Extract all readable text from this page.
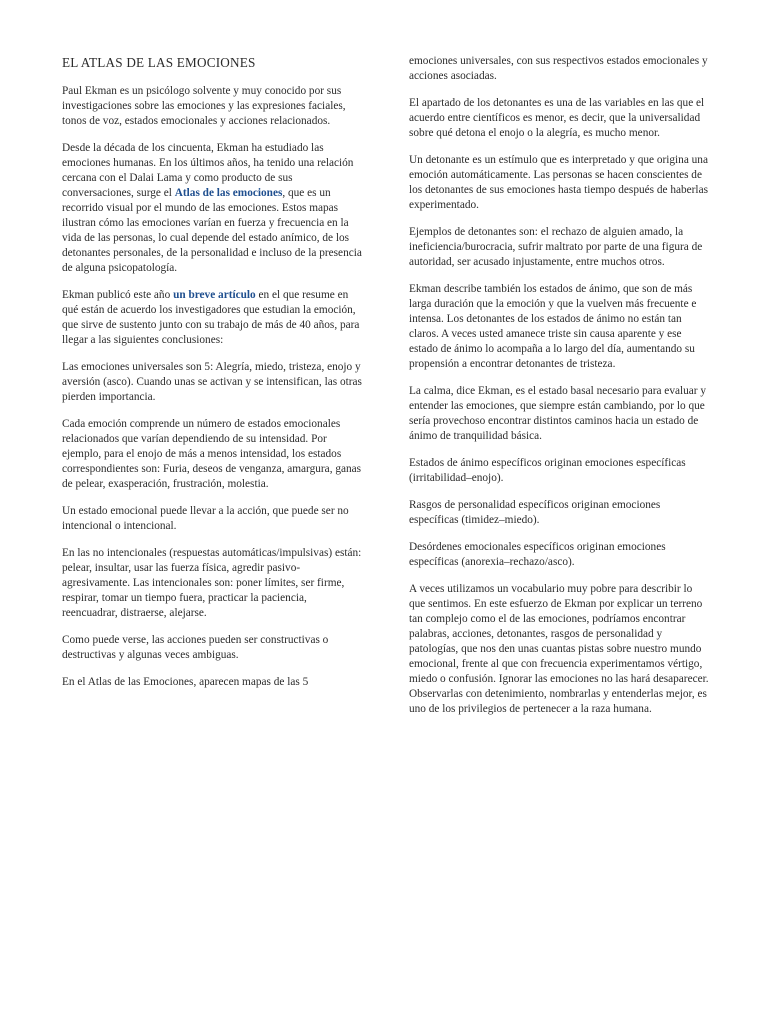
EL ATLAS DE LAS EMOCIONES

Paul Ekman es un psicólogo solvente y muy conocido por sus investigaciones sobre las emociones y las expresiones faciales, tonos de voz, estados emocionales y acciones relacionados.

Desde la década de los cincuenta, Ekman ha estudiado las emociones humanas. En los últimos años, ha tenido una relación cercana con el Dalai Lama y como producto de sus conversaciones, surge el Atlas de las emociones, que es un recorrido visual por el mundo de las emociones. Estos mapas ilustran cómo las emociones varían en fuerza y frecuencia en la vida de las personas, lo cual depende del estado anímico, de los detonantes personales, de la personalidad e incluso de la presencia de alguna psicopatología.

Ekman publicó este año un breve artículo en el que resume en qué están de acuerdo los investigadores que estudian la emoción, que sirve de sustento junto con su trabajo de más de 40 años, para llegar a las siguientes conclusiones:

Las emociones universales son 5: Alegría, miedo, tristeza, enojo y aversión (asco). Cuando unas se activan y se intensifican, las otras pierden importancia.

Cada emoción comprende un número de estados emocionales relacionados que varían dependiendo de su intensidad. Por ejemplo, para el enojo de más a menos intensidad, los estados correspondientes son: Furia, deseos de venganza, amargura, ganas de pelear, exasperación, frustración, molestia.

Un estado emocional puede llevar a la acción, que puede ser no intencional o intencional.

En las no intencionales (respuestas automáticas/impulsivas) están: pelear, insultar, usar las fuerza física, agredir pasivo-agresivamente. Las intencionales son: poner límites, ser firme, respirar, tomar un tiempo fuera, practicar la paciencia, reencuadrar, distraerse, alejarse.

Como puede verse, las acciones pueden ser constructivas o destructivas y algunas veces ambiguas.

En el Atlas de las Emociones, aparecen mapas de las 5

emociones universales, con sus respectivos estados emocionales y acciones asociadas.

El apartado de los detonantes es una de las variables en las que el acuerdo entre científicos es menor, es decir, que la universalidad sobre qué detona el enojo o la alegría, es mucho menor.

Un detonante es un estímulo que es interpretado y que origina una emoción automáticamente. Las personas se hacen conscientes de los detonantes de sus emociones hasta tiempo después de haberlas experimentado.

Ejemplos de detonantes son: el rechazo de alguien amado, la ineficiencia/burocracia, sufrir maltrato por parte de una figura de autoridad, ser acusado injustamente, entre muchos otros.

Ekman describe también los estados de ánimo, que son de más larga duración que la emoción y que la vuelven más frecuente e intensa. Los detonantes de los estados de ánimo no están tan claros. A veces usted amanece triste sin causa aparente y ese estado de ánimo lo acompaña a lo largo del día, aumentando su propensión a encontrar detonantes de tristeza.

La calma, dice Ekman, es el estado basal necesario para evaluar y entender las emociones, que siempre están cambiando, por lo que sería provechoso encontrar distintos caminos hacia un estado de ánimo de tranquilidad básica.

Estados de ánimo específicos originan emociones específicas (irritabilidad–enojo).

Rasgos de personalidad específicos originan emociones específicas (timidez–miedo).

Desórdenes emocionales específicos originan emociones específicas (anorexia–rechazo/asco).

A veces utilizamos un vocabulario muy pobre para describir lo que sentimos. En este esfuerzo de Ekman por explicar un terreno tan complejo como el de las emociones, podríamos encontrar palabras, acciones, detonantes, rasgos de personalidad y patologías, que nos den unas cuantas pistas sobre nuestro mundo emocional, frente al que con frecuencia experimentamos vértigo, miedo o confusión. Ignorar las emociones no las hará desaparecer. Observarlas con detenimiento, nombrarlas y entenderlas mejor, es uno de los privilegios de pertenecer a la raza humana.
